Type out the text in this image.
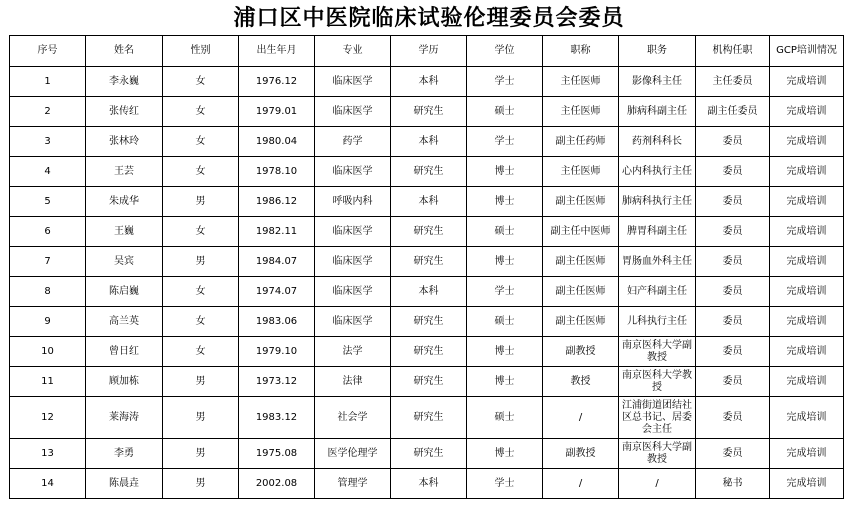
浦口区中医院临床试验伦理委员会委员
序号	姓名	性别	出生年月	专业	学历	学位	职称	职务	机构任职	GCP培训情况
1	李永巍	女	1976.12	临床医学	本科	学士	主任医师	影像科主任	主任委员	完成培训
2	张传红	女	1979.01	临床医学	研究生	硕士	主任医师	肺病科副主任	副主任委员	完成培训
3	张林玲	女	1980.04	药学	本科	学士	副主任药师	药剂科科长	委员	完成培训
4	王芸	女	1978.10	临床医学	研究生	博士	主任医师	心内科执行主任	委员	完成培训
5	朱成华	男	1986.12	呼吸内科	本科	博士	副主任医师	肺病科执行主任	委员	完成培训
6	王巍	女	1982.11	临床医学	研究生	硕士	副主任中医师	脾胃科副主任	委员	完成培训
7	吴宾	男	1984.07	临床医学	研究生	博士	副主任医师	胃肠血外科主任	委员	完成培训
8	陈启巍	女	1974.07	临床医学	本科	学士	副主任医师	妇产科副主任	委员	完成培训
9	高兰英	女	1983.06	临床医学	研究生	硕士	副主任医师	儿科执行主任	委员	完成培训
10	曾日红	女	1979.10	法学	研究生	博士	副教授	南京医科大学副教授	委员	完成培训
11	顾加栋	男	1973.12	法律	研究生	博士	教授	南京医科大学教授	委员	完成培训
12	莱海涛	男	1983.12	社会学	研究生	硕士	/	江浦街道团结社区总书记、居委会主任	委员	完成培训
13	李勇	男	1975.08	医学伦理学	研究生	博士	副教授	南京医科大学副教授	委员	完成培训
14	陈晨垚	男	2002.08	管理学	本科	学士	/	/	秘书	完成培训
